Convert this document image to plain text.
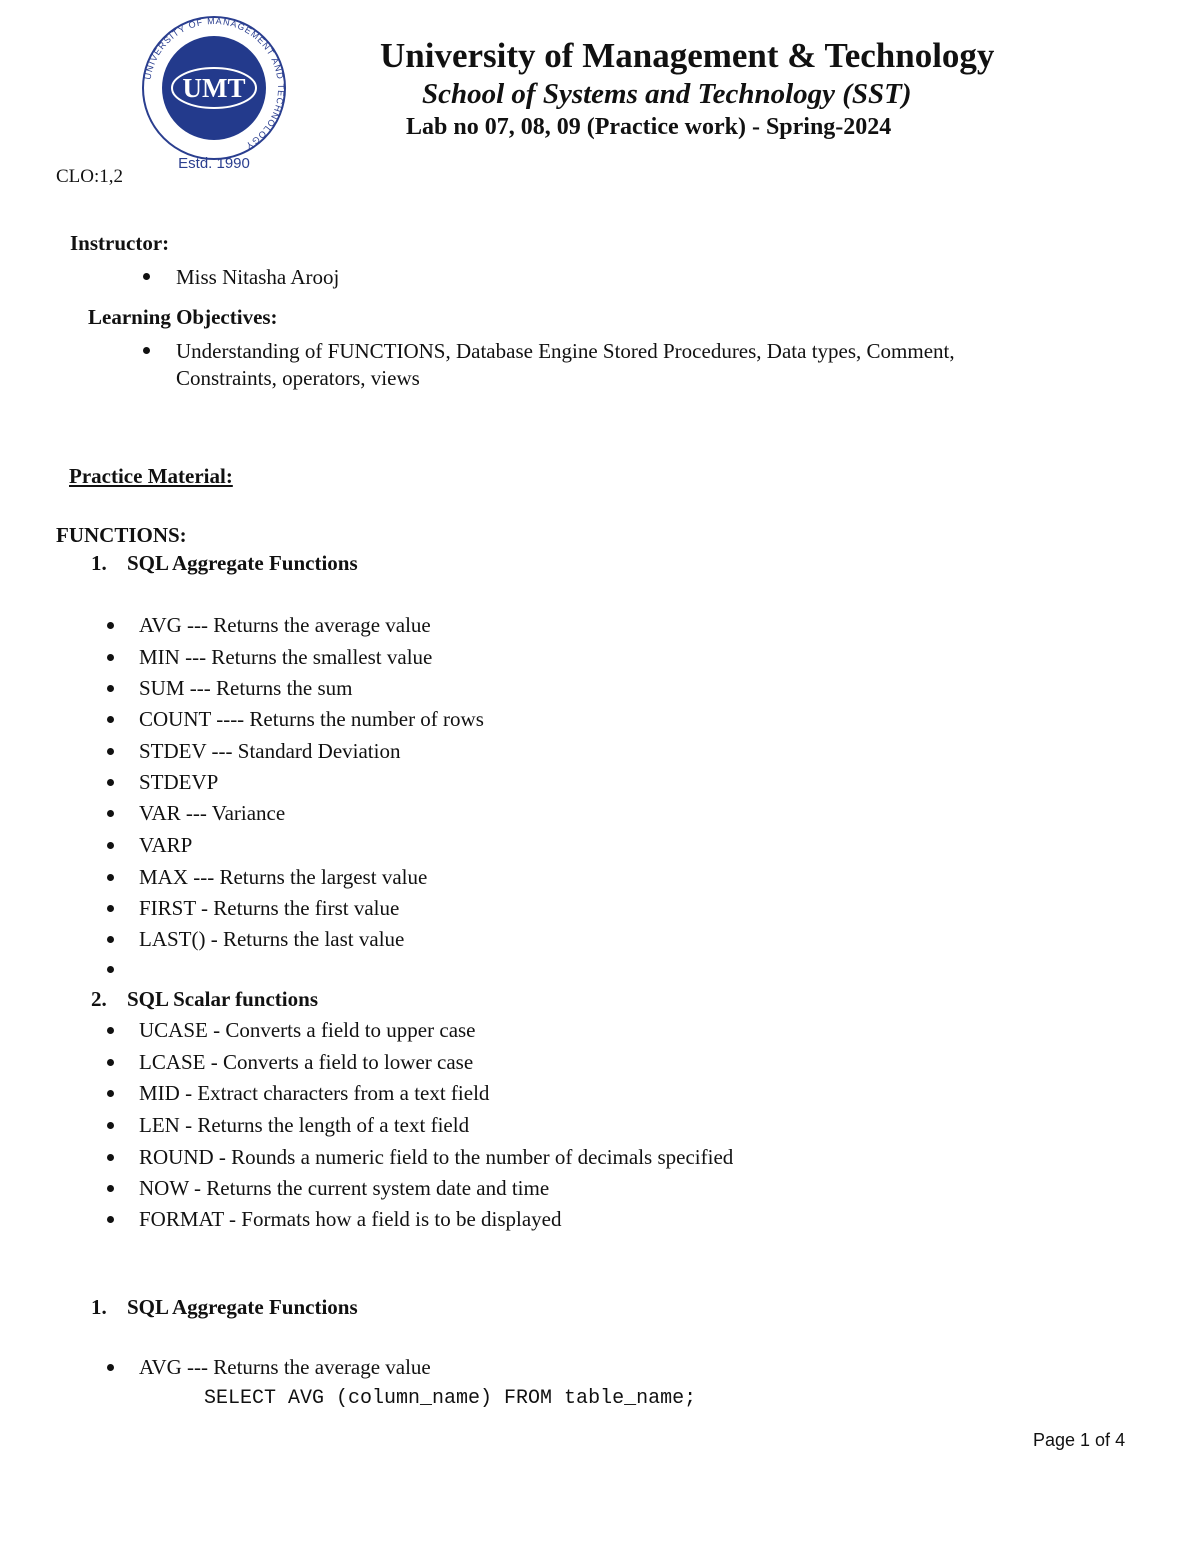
UNIVERSITY OF MANAGEMENT AND TECHNOLOGY
UMT
Estd. 1990
University of Management & Technology
School of Systems and Technology (SST)
Lab no 07, 08, 09 (Practice work) - Spring-2024
CLO:1,2
Instructor:
Miss Nitasha Arooj
Learning Objectives:
Understanding of FUNCTIONS, Database Engine Stored Procedures, Data types, Comment,
Constraints, operators, views
Practice Material:
FUNCTIONS:
1. SQL Aggregate Functions
AVG --- Returns the average value
MIN --- Returns the smallest value
SUM --- Returns the sum
COUNT ---- Returns the number of rows
STDEV --- Standard Deviation
STDEVP
VAR --- Variance
VARP
MAX --- Returns the largest value
FIRST - Returns the first value
LAST() - Returns the last value
2. SQL Scalar functions
UCASE - Converts a field to upper case
LCASE - Converts a field to lower case
MID - Extract characters from a text field
LEN - Returns the length of a text field
ROUND - Rounds a numeric field to the number of decimals specified
NOW - Returns the current system date and time
FORMAT - Formats how a field is to be displayed
1. SQL Aggregate Functions
AVG --- Returns the average value
SELECT AVG (column_name) FROM table_name;
Page 1 of 4
